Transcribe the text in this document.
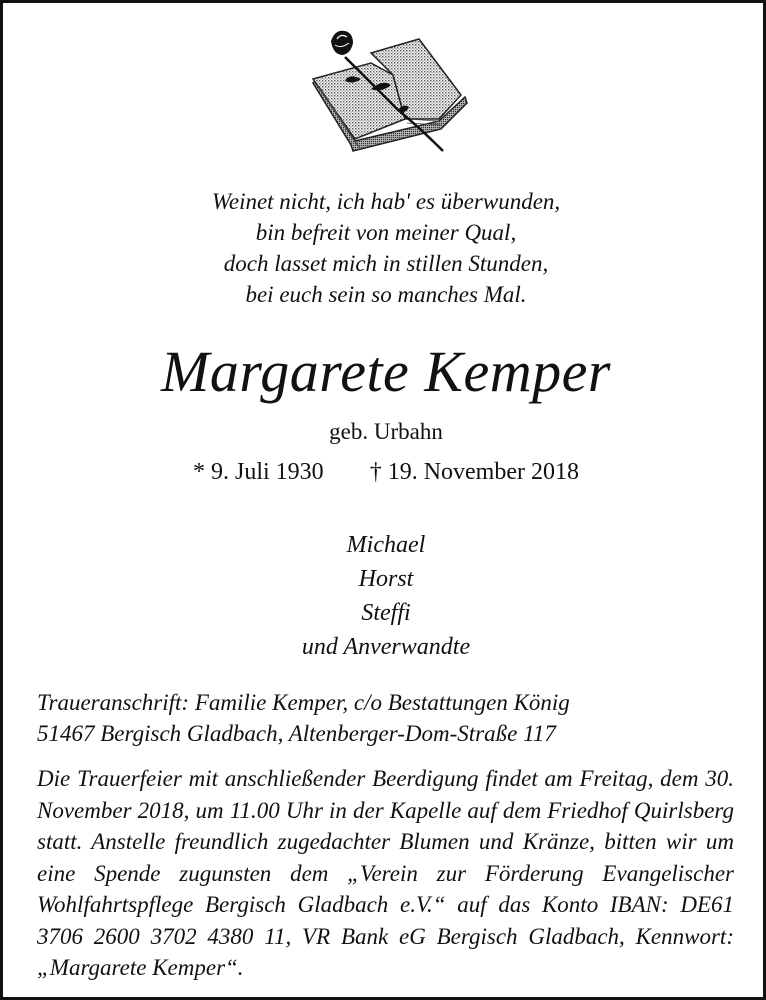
Weinet nicht, ich hab' es überwunden,
bin befreit von meiner Qual,
doch lasset mich in stillen Stunden,
bei euch sein so manches Mal.
Margarete Kemper
geb. Urbahn
* 9. Juli 1930 † 19. November 2018
Michael
Horst
Steffi
und Anverwandte
Traueranschrift: Familie Kemper, c/o Bestattungen König
51467 Bergisch Gladbach, Altenberger-Dom-Straße 117
Die Trauerfeier mit anschließender Beerdigung findet am Freitag, dem 30. November 2018, um 11.00 Uhr in der Kapelle auf dem Friedhof Quirlsberg statt. Anstelle freundlich zugedachter Blumen und Kränze, bitten wir um eine Spende zugunsten dem „Verein zur Förderung Evangelischer Wohlfahrtspflege Bergisch Gladbach e.V.“ auf das Konto IBAN: DE61 3706 2600 3702 4380 11, VR Bank eG Bergisch Gladbach, Kennwort: „Margarete Kemper“.
